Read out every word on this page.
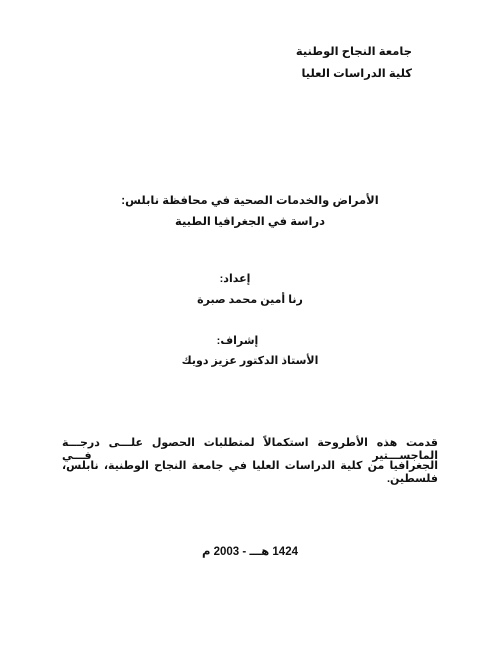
جامعة النجاح الوطنية
كلية الدراسات العليا
الأمراض والخدمات الصحية في محافظة نابلس:
دراسة في الجغرافيا الطبية
إعداد:
رنا أمين محمد صبرة
إشراف:
الأستاذ الدكتور عزيز دويك
قدمت هذه الأطروحة استكمالاً لمتطلبات الحصول علـــى درجـــة الماجســـتير فـــي
الجغرافيا من كلية الدراسات العليا في جامعة النجاح الوطنية، نابلس، فلسطين.
1424 هـــ - 2003 م
